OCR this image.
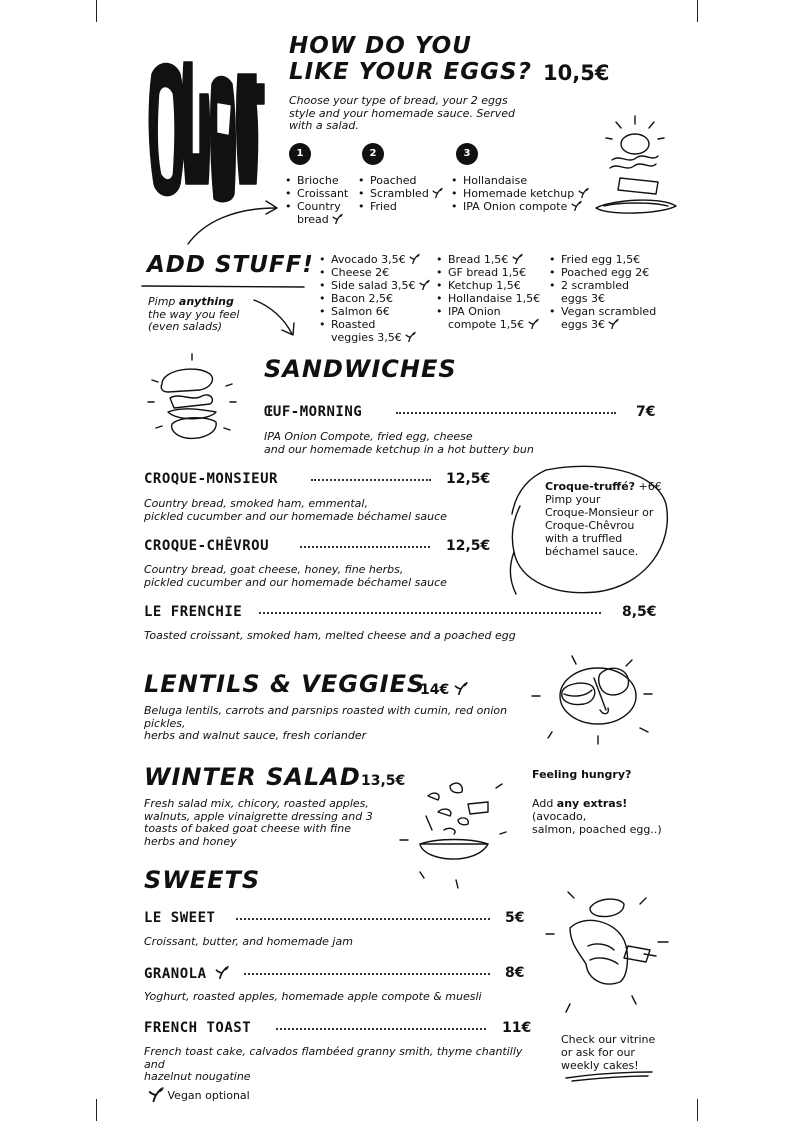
HOW DO YOU
LIKE YOUR EGGS? 10,5€
Choose your type of bread, your 2 eggs
style and your homemade sauce. Served
with a salad.
1	2	3
• Brioche
• Croissant
• Country
bread
• Poached
• Scrambled
• Fried
• Hollandaise
• Homemade ketchup
• IPA Onion compote
ADD STUFF!
Pimp anything
the way you feel
(even salads)
• Avocado 3,5€
• Cheese 2€
• Side salad 3,5€
• Bacon 2,5€
• Salmon 6€
• Roasted
veggies 3,5€
• Bread 1,5€
• GF bread 1,5€
• Ketchup 1,5€
• Hollandaise 1,5€
• IPA Onion
compote 1,5€
• Fried egg 1,5€
• Poached egg 2€
• 2 scrambled
eggs 3€
• Vegan scrambled
eggs 3€
SANDWICHES
ŒUF-MORNING	7€
IPA Onion Compote, fried egg, cheese
and our homemade ketchup in a hot buttery bun
CROQUE-MONSIEUR	12,5€
Country bread, smoked ham, emmental,
pickled cucumber and our homemade béchamel sauce
CROQUE-CHÊVROU	12,5€
Country bread, goat cheese, honey, fine herbs,
pickled cucumber and our homemade béchamel sauce
Croque-truffé? +6€
Pimp your
Croque-Monsieur or
Croque-Chêvrou
with a truffled
béchamel sauce.
LE FRENCHIE	8,5€
Toasted croissant, smoked ham, melted cheese and a poached egg
LENTILS & VEGGIES
14€
Beluga lentils, carrots and parsnips roasted with cumin, red onion pickles,
herbs and walnut sauce, fresh coriander
WINTER SALAD 13,5€
Fresh salad mix, chicory, roasted apples,
walnuts, apple vinaigrette dressing and 3
toasts of baked goat cheese with fine
herbs and honey
Feeling hungry?
Add any extras!
(avocado,
salmon, poached egg..)
SWEETS
LE SWEET	5€
Croissant, butter, and homemade jam
GRANOLA	8€
Yoghurt, roasted apples, homemade apple compote & muesli
FRENCH TOAST	11€
French toast cake, calvados flambéed granny smith, thyme chantilly and
hazelnut nougatine
Check our vitrine
or ask for our
weekly cakes!
Vegan optional
